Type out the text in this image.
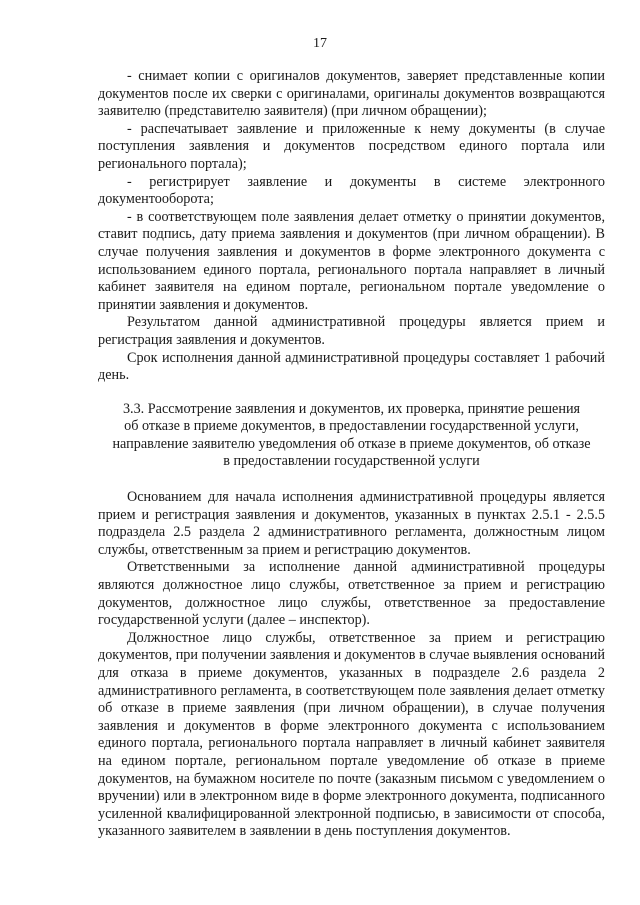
17

- снимает копии с оригиналов документов, заверяет представленные копии документов после их сверки с оригиналами, оригиналы документов возвращаются заявителю (представителю заявителя) (при личном обращении);

- распечатывает заявление и приложенные к нему документы (в случае поступления заявления и документов посредством единого портала или регионального портала);

- регистрирует заявление и документы в системе электронного документооборота;

- в соответствующем поле заявления делает отметку о принятии документов, ставит подпись, дату приема заявления и документов (при личном обращении). В случае получения заявления и документов в форме электронного документа с использованием единого портала, регионального портала направляет в личный кабинет заявителя на едином портале, региональном портале уведомление о принятии заявления и документов.

Результатом данной административной процедуры является прием и регистрация заявления и документов.

Срок исполнения данной административной процедуры составляет 1 рабочий день.

3.3. Рассмотрение заявления и документов, их проверка, принятие решения
об отказе в приеме документов, в предоставлении государственной услуги,
направление заявителю уведомления об отказе в приеме документов, об отказе
в предоставлении государственной услуги

Основанием для начала исполнения административной процедуры является прием и регистрация заявления и документов, указанных в пунктах 2.5.1 - 2.5.5 подраздела 2.5 раздела 2 административного регламента, должностным лицом службы, ответственным за прием и регистрацию документов.

Ответственными за исполнение данной административной процедуры являются должностное лицо службы, ответственное за прием и регистрацию документов, должностное лицо службы, ответственное за предоставление государственной услуги (далее – инспектор).

Должностное лицо службы, ответственное за прием и регистрацию документов, при получении заявления и документов в случае выявления оснований для отказа в приеме документов, указанных в подразделе 2.6 раздела 2 административного регламента, в соответствующем поле заявления делает отметку об отказе в приеме заявления (при личном обращении), в случае получения заявления и документов в форме электронного документа с использованием единого портала, регионального портала направляет в личный кабинет заявителя на едином портале, региональном портале уведомление об отказе в приеме документов, на бумажном носителе по почте (заказным письмом с уведомлением о вручении) или в электронном виде в форме электронного документа, подписанного усиленной квалифицированной электронной подписью, в зависимости от способа, указанного заявителем в заявлении в день поступления документов.
